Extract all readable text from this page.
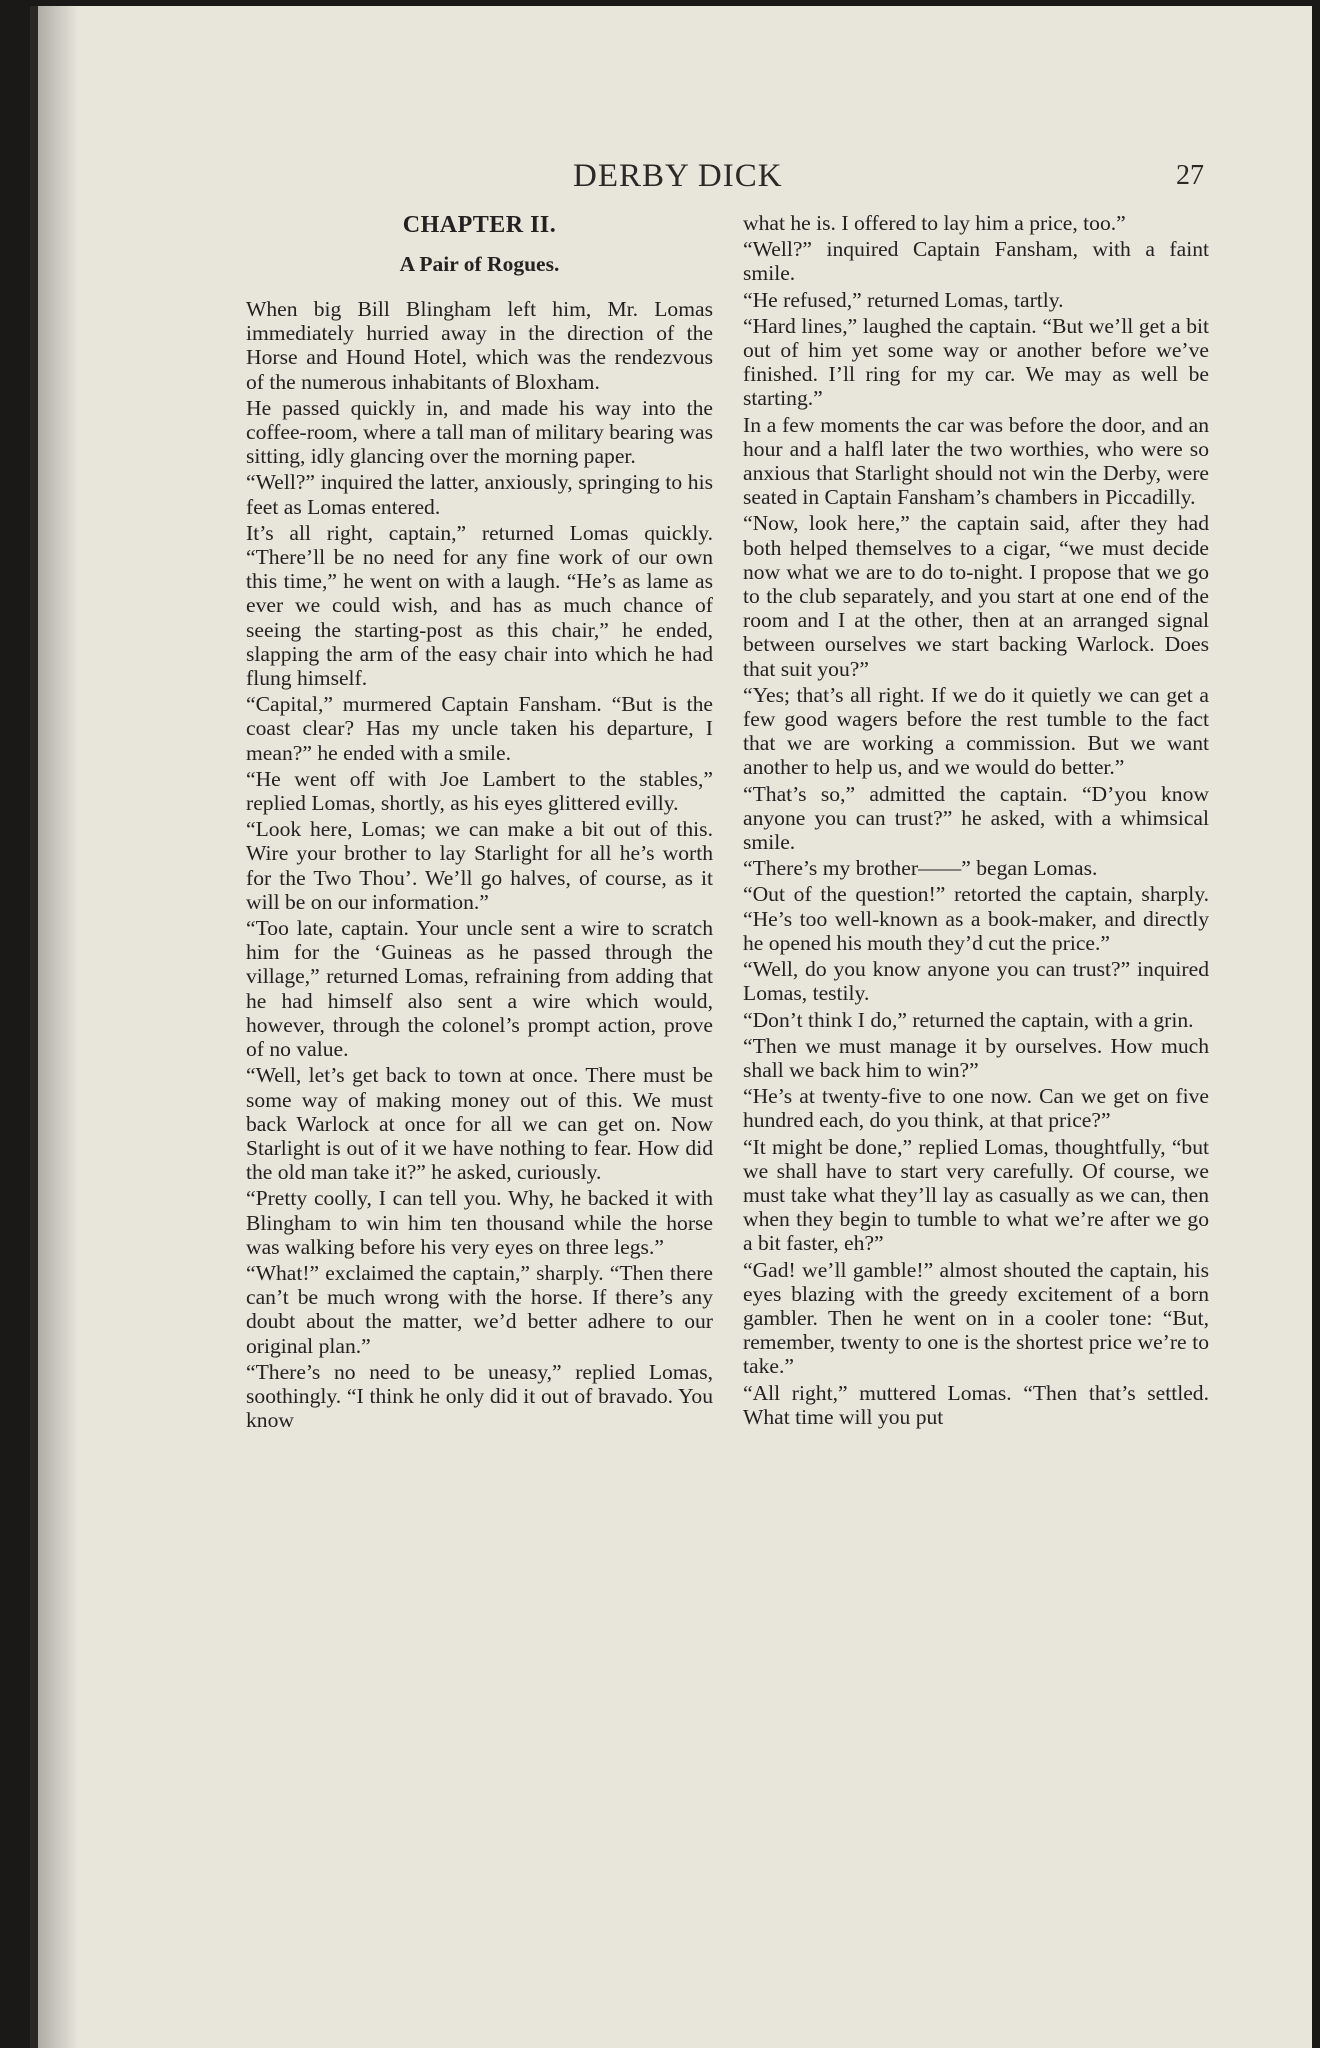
DERBY DICK	27
CHAPTER II.
A Pair of Rogues.

When big Bill Blingham left him, Mr. Lomas immediately hurried away in the direction of the Horse and Hound Hotel, which was the rendezvous of the numerous inhabitants of Bloxham.

He passed quickly in, and made his way into the coffee-room, where a tall man of military bearing was sitting, idly glancing over the morning paper.

“Well?” inquired the latter, anxiously, springing to his feet as Lomas entered.

It’s all right, captain,” returned Lomas quickly. “There’ll be no need for any fine work of our own this time,” he went on with a laugh. “He’s as lame as ever we could wish, and has as much chance of seeing the starting-post as this chair,” he ended, slapping the arm of the easy chair into which he had flung himself.

“Capital,” murmered Captain Fansham. “But is the coast clear? Has my uncle taken his departure, I mean?” he ended with a smile.

“He went off with Joe Lambert to the stables,” replied Lomas, shortly, as his eyes glittered evilly.

“Look here, Lomas; we can make a bit out of this. Wire your brother to lay Starlight for all he’s worth for the Two Thou’. We’ll go halves, of course, as it will be on our information.”

“Too late, captain. Your uncle sent a wire to scratch him for the ‘Guineas as he passed through the village,” returned Lomas, refraining from adding that he had himself also sent a wire which would, however, through the colonel’s prompt action, prove of no value.

“Well, let’s get back to town at once. There must be some way of making money out of this. We must back Warlock at once for all we can get on. Now Starlight is out of it we have nothing to fear. How did the old man take it?” he asked, curiously.

“Pretty coolly, I can tell you. Why, he backed it with Blingham to win him ten thousand while the horse was walking before his very eyes on three legs.”

“What!” exclaimed the captain,” sharply. “Then there can’t be much wrong with the horse. If there’s any doubt about the matter, we’d better adhere to our original plan.”

“There’s no need to be uneasy,” replied Lomas, soothingly. “I think he only did it out of bravado. You know

what he is. I offered to lay him a price, too.”

“Well?” inquired Captain Fansham, with a faint smile.

“He refused,” returned Lomas, tartly.

“Hard lines,” laughed the captain. “But we’ll get a bit out of him yet some way or another before we’ve finished. I’ll ring for my car. We may as well be starting.”

In a few moments the car was before the door, and an hour and a halfl later the two worthies, who were so anxious that Starlight should not win the Derby, were seated in Captain Fansham’s chambers in Piccadilly.

“Now, look here,” the captain said, after they had both helped themselves to a cigar, “we must decide now what we are to do to-night. I propose that we go to the club separately, and you start at one end of the room and I at the other, then at an arranged signal between ourselves we start backing Warlock. Does that suit you?”

“Yes; that’s all right. If we do it quietly we can get a few good wagers before the rest tumble to the fact that we are working a commission. But we want another to help us, and we would do better.”

“That’s so,” admitted the captain. “D’you know anyone you can trust?” he asked, with a whimsical smile.

“There’s my brother——” began Lomas.

“Out of the question!” retorted the captain, sharply. “He’s too well-known as a book-maker, and directly he opened his mouth they’d cut the price.”

“Well, do you know anyone you can trust?” inquired Lomas, testily.

“Don’t think I do,” returned the captain, with a grin.

“Then we must manage it by ourselves. How much shall we back him to win?”

“He’s at twenty-five to one now. Can we get on five hundred each, do you think, at that price?”

“It might be done,” replied Lomas, thoughtfully, “but we shall have to start very carefully. Of course, we must take what they’ll lay as casually as we can, then when they begin to tumble to what we’re after we go a bit faster, eh?”

“Gad! we’ll gamble!” almost shouted the captain, his eyes blazing with the greedy excitement of a born gambler. Then he went on in a cooler tone: “But, remember, twenty to one is the shortest price we’re to take.”

“All right,” muttered Lomas. “Then that’s settled. What time will you put
